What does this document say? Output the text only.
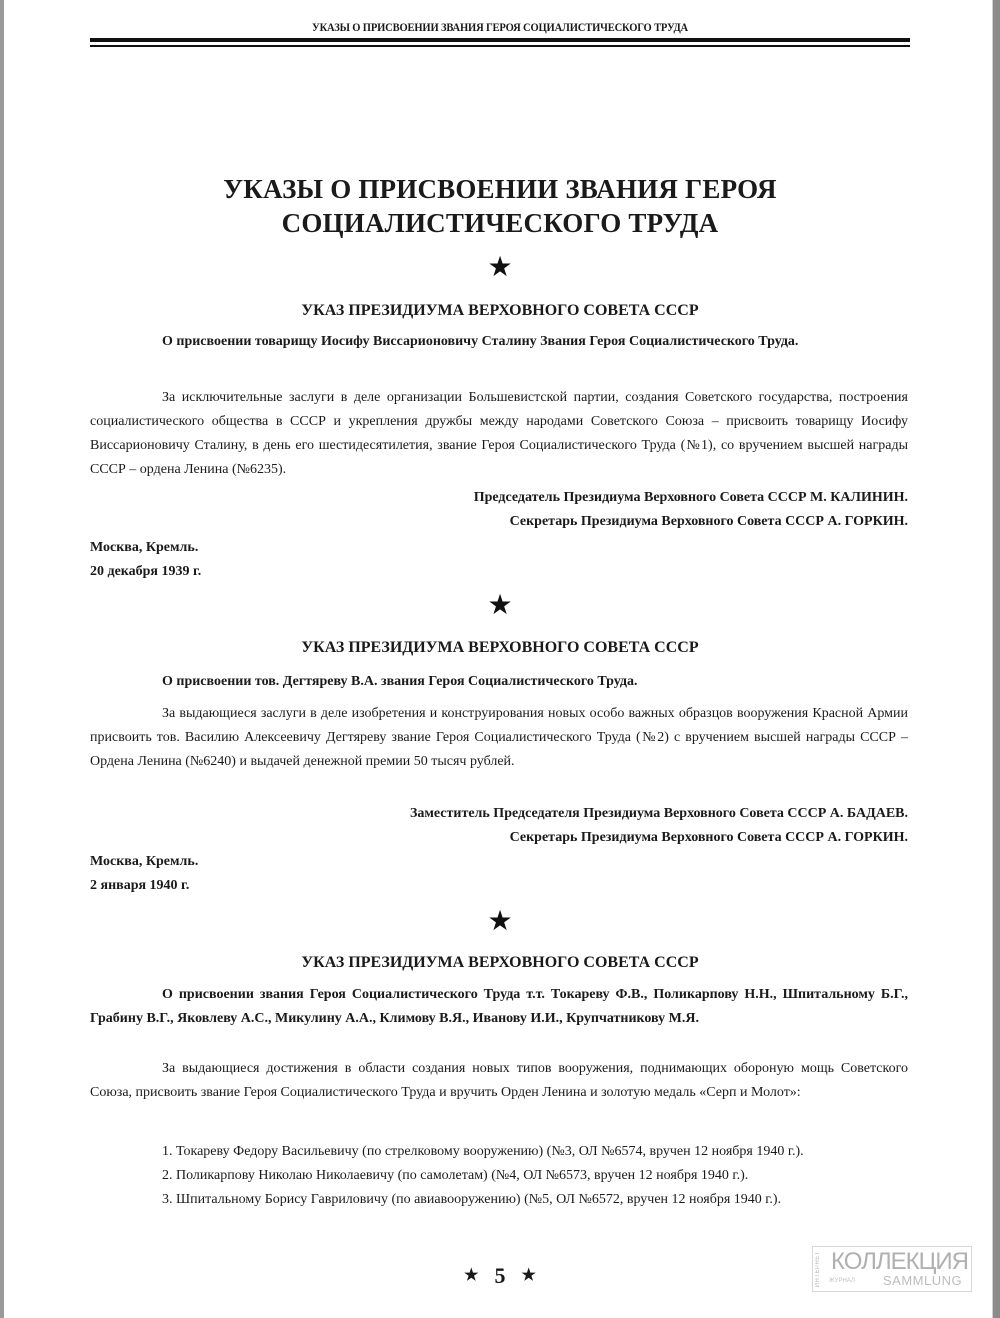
УКАЗЫ О ПРИСВОЕНИИ ЗВАНИЯ ГЕРОЯ СОЦИАЛИСТИЧЕСКОГО ТРУДА
УКАЗЫ О ПРИСВОЕНИИ ЗВАНИЯ ГЕРОЯ
СОЦИАЛИСТИЧЕСКОГО ТРУДА
★
УКАЗ ПРЕЗИДИУМА ВЕРХОВНОГО СОВЕТА СССР
О присвоении товарищу Иосифу Виссарионовичу Сталину Звания Героя Социалистического Труда.
За исключительные заслуги в деле организации Большевистской партии, создания Советского государства, построения социалистического общества в СССР и укрепления дружбы между народами Советского Союза – присвоить товарищу Иосифу Виссарионовичу Сталину, в день его шестидесятилетия, звание Героя Социалистического Труда (№1), со вручением высшей награды СССР – ордена Ленина (№6235).
Председатель Президиума Верховного Совета СССР М. КАЛИНИН.
Секретарь Президиума Верховного Совета СССР А. ГОРКИН.
Москва, Кремль.
20 декабря 1939 г.
★
УКАЗ ПРЕЗИДИУМА ВЕРХОВНОГО СОВЕТА СССР
О присвоении тов. Дегтяреву В.А. звания Героя Социалистического Труда.
За выдающиеся заслуги в деле изобретения и конструирования новых особо важных образцов вооружения Красной Армии присвоить тов. Василию Алексеевичу Дегтяреву звание Героя Социалистического Труда (№2) с вручением высшей награды СССР – Ордена Ленина (№6240) и выдачей денежной премии 50 тысяч рублей.
Заместитель Председателя Президиума Верховного Совета СССР А. БАДАЕВ.
Секретарь Президиума Верховного Совета СССР А. ГОРКИН.
Москва, Кремль.
2 января 1940 г.
★
УКАЗ ПРЕЗИДИУМА ВЕРХОВНОГО СОВЕТА СССР
О присвоении звания Героя Социалистического Труда т.т. Токареву Ф.В., Поликарпову Н.Н., Шпитальному Б.Г., Грабину В.Г., Яковлеву А.С., Микулину А.А., Климову В.Я., Иванову И.И., Крупчатникову М.Я.
За выдающиеся достижения в области создания новых типов вооружения, поднимающих обороную мощь Советского Союза, присвоить звание Героя Социалистического Труда и вручить Орден Ленина и золотую медаль «Серп и Молот»:

1. Токареву Федору Васильевичу (по стрелковому вооружению) (№3, ОЛ №6574, вручен 12 ноября 1940 г.).

2. Поликарпову Николаю Николаевичу (по самолетам) (№4, ОЛ №6573, вручен 12 ноября 1940 г.).

3. Шпитальному Борису Гавриловичу (по авиавооружению) (№5, ОЛ №6572, вручен 12 ноября 1940 г.).

★ 5 ★	ИНТЕРНЕТ КОЛЛЕКЦИЯ
ЖУРНАЛ SAMMLUNG
